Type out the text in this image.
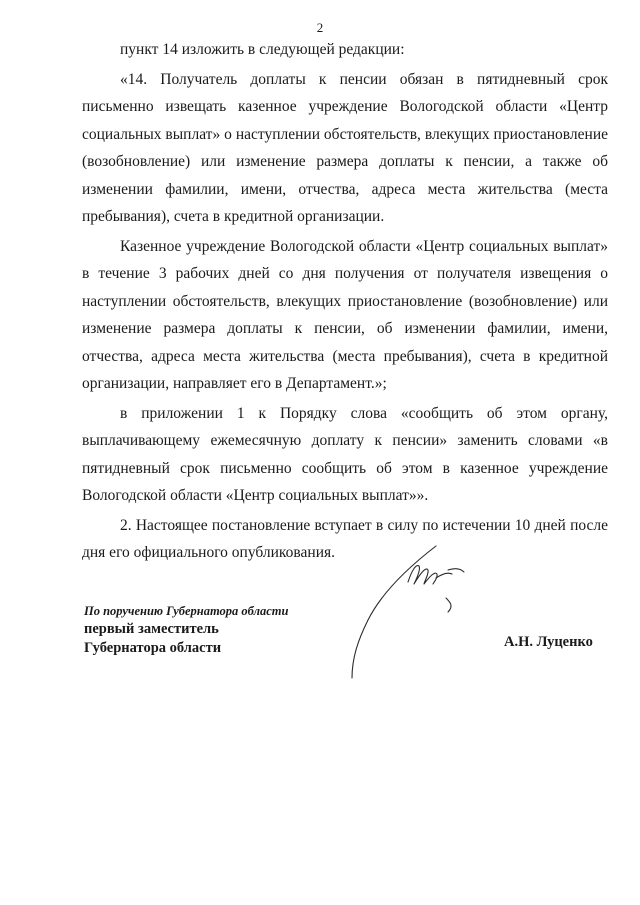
2

пункт 14 изложить в следующей редакции:

«14. Получатель доплаты к пенсии обязан в пятидневный срок письменно извещать казенное учреждение Вологодской области «Центр социальных выплат» о наступлении обстоятельств, влекущих приостановление (возобновление) или изменение размера доплаты к пенсии, а также об изменении фамилии, имени, отчества, адреса места жительства (места пребывания), счета в кредитной организации.

Казенное учреждение Вологодской области «Центр социальных выплат» в течение 3 рабочих дней со дня получения от получателя извещения о наступлении обстоятельств, влекущих приостановление (возобновление) или изменение размера доплаты к пенсии, об изменении фамилии, имени, отчества, адреса места жительства (места пребывания), счета в кредитной организации, направляет его в Департамент.»;

в приложении 1 к Порядку слова «сообщить об этом органу, выплачивающему ежемесячную доплату к пенсии» заменить словами «в пятидневный срок письменно сообщить об этом в казенное учреждение Вологодской области «Центр социальных выплат»».

2. Настоящее постановление вступает в силу по истечении 10 дней после дня его официального опубликования.

По поручению Губернатора области
первый заместитель
Губернатора области	А.Н. Луценко
